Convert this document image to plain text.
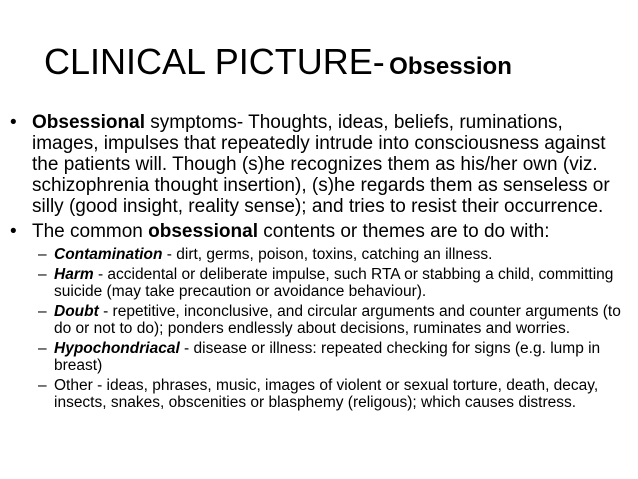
CLINICAL PICTURE- Obsession
• Obsessional symptoms- Thoughts, ideas, beliefs, ruminations, images, impulses that repeatedly intrude into consciousness against the patients will. Though (s)he recognizes them as his/her own (viz. schizophrenia thought insertion), (s)he regards them as senseless or silly (good insight, reality sense); and tries to resist their occurrence.
• The common obsessional contents or themes are to do with:
– Contamination - dirt, germs, poison, toxins, catching an illness.
– Harm - accidental or deliberate impulse, such RTA or stabbing a child, committing suicide (may take precaution or avoidance behaviour).
– Doubt - repetitive, inconclusive, and circular arguments and counter arguments (to do or not to do); ponders endlessly about decisions, ruminates and worries.
– Hypochondriacal - disease or illness: repeated checking for signs (e.g. lump in breast)
– Other - ideas, phrases, music, images of violent or sexual torture, death, decay, insects, snakes, obscenities or blasphemy (religous); which causes distress.
